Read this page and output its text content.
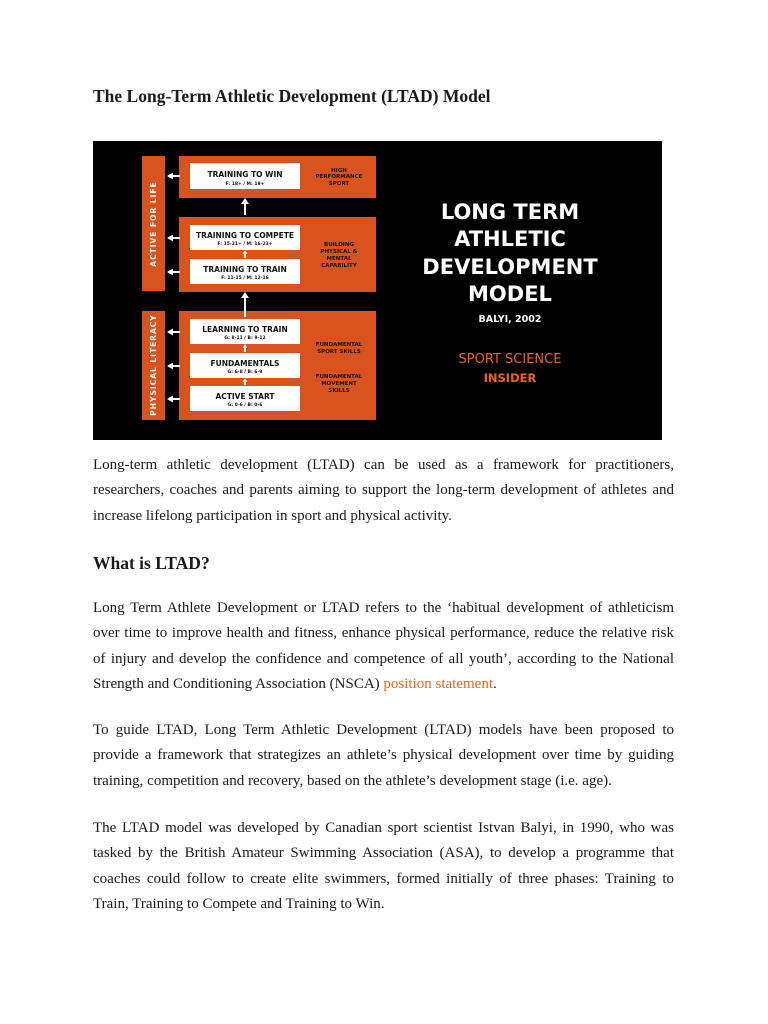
The Long-Term Athletic Development (LTAD) Model
ACTIVE FOR LIFE
PHYSICAL LITERACY
TRAINING TO WIN
F: 18+ / M: 19+
TRAINING TO COMPETE
F: 15-21+ / M: 16-23+
TRAINING TO TRAIN
F: 11-15 / M: 12-16
LEARNING TO TRAIN
G: 8-11 / B: 9-12
FUNDAMENTALS
G: 6-8 / B: 6-9
ACTIVE START
G: 0-6 / B: 0-6
HIGH
PERFORMANCE
SPORT
BUILDING
PHYSICAL &
MENTAL
CAPABILITY
FUNDAMENTAL
SPORT SKILLS
FUNDAMENTAL
MOVEMENT
SKILLS
LONG TERM
ATHLETIC
DEVELOPMENT
MODEL
BALYI, 2002
SPORT SCIENCE
INSIDER

Long-term athletic development (LTAD) can be used as a framework for practitioners, researchers, coaches and parents aiming to support the long-term development of athletes and increase lifelong participation in sport and physical activity.

What is LTAD?

Long Term Athlete Development or LTAD refers to the ‘habitual development of athleticism over time to improve health and fitness, enhance physical performance, reduce the relative risk of injury and develop the confidence and competence of all youth’, according to the National Strength and Conditioning Association (NSCA) position statement.

To guide LTAD, Long Term Athletic Development (LTAD) models have been proposed to provide a framework that strategizes an athlete’s physical development over time by guiding training, competition and recovery, based on the athlete’s development stage (i.e. age).

The LTAD model was developed by Canadian sport scientist Istvan Balyi, in 1990, who was tasked by the British Amateur Swimming Association (ASA), to develop a programme that coaches could follow to create elite swimmers, formed initially of three phases: Training to Train, Training to Compete and Training to Win.
